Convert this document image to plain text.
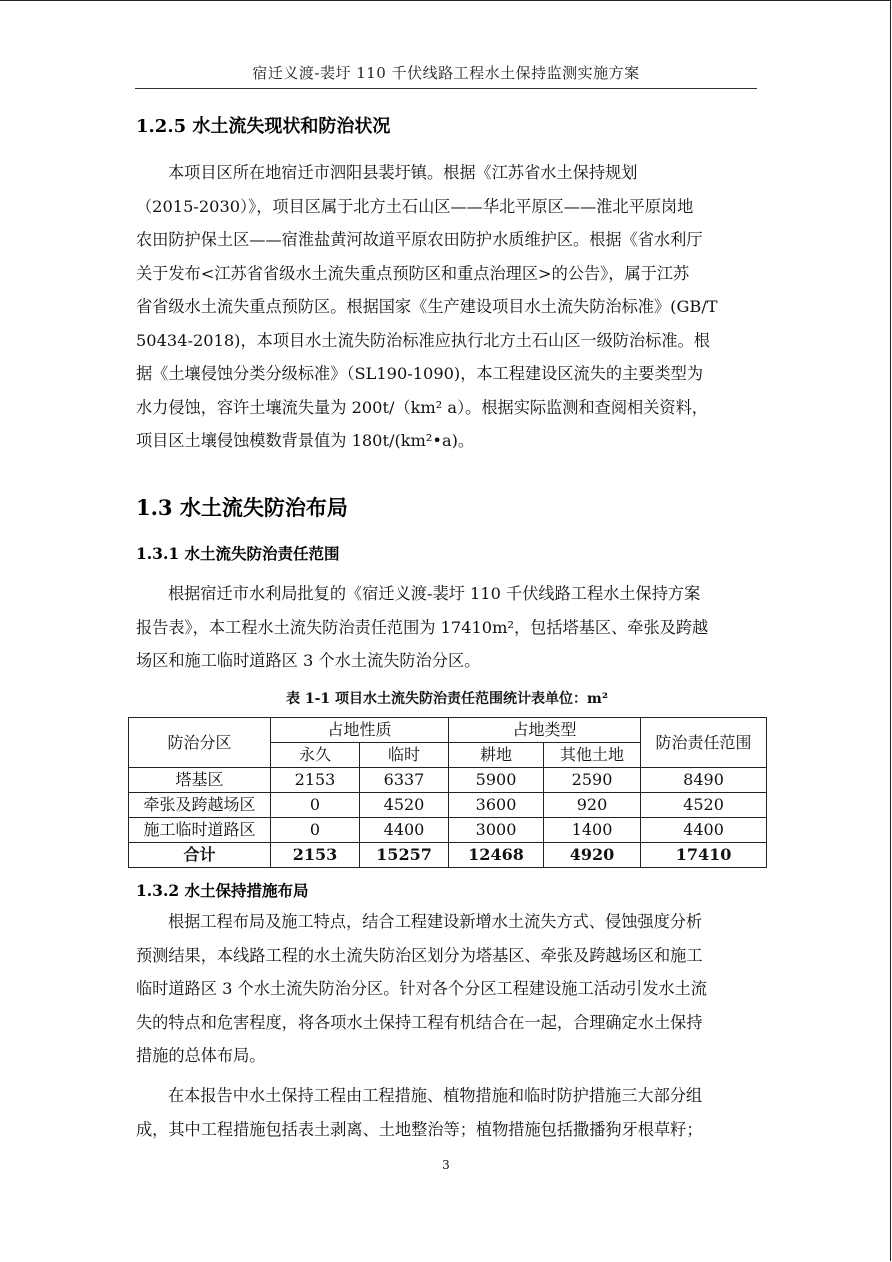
宿迁义渡-裴圩 110 千伏线路工程水土保持监测实施方案
1.2.5 水土流失现状和防治状况
本项目区所在地宿迁市泗阳县裴圩镇。根据《江苏省水土保持规划
（2015-2030）》，项目区属于北方土石山区——华北平原区——淮北平原岗地
农田防护保土区——宿淮盐黄河故道平原农田防护水质维护区。根据《省水利厅
关于发布<江苏省省级水土流失重点预防区和重点治理区>的公告》，属于江苏
省省级水土流失重点预防区。根据国家《生产建设项目水土流失防治标准》(GB/T
50434-2018)，本项目水土流失防治标准应执行北方土石山区一级防治标准。根
据《土壤侵蚀分类分级标准》（SL190-1090)，本工程建设区流失的主要类型为
水力侵蚀，容许土壤流失量为 200t/（km² a）。根据实际监测和查阅相关资料，
项目区土壤侵蚀模数背景值为 180t/(km²•a)。
1.3 水土流失防治布局
1.3.1 水土流失防治责任范围
根据宿迁市水利局批复的《宿迁义渡-裴圩 110 千伏线路工程水土保持方案
报告表》，本工程水土流失防治责任范围为 17410m²，包括塔基区、牵张及跨越
场区和施工临时道路区 3 个水土流失防治分区。
表 1-1 项目水土流失防治责任范围统计表单位：m²
防治分区	占地性质		占地类型		防治责任范围
	永久	临时	耕地	其他土地	
塔基区	2153	6337	5900	2590	8490
牵张及跨越场区	0	4520	3600	920	4520
施工临时道路区	0	4400	3000	1400	4400
合计	2153	15257	12468	4920	17410
1.3.2 水土保持措施布局
根据工程布局及施工特点，结合工程建设新增水土流失方式、侵蚀强度分析
预测结果，本线路工程的水土流失防治区划分为塔基区、牵张及跨越场区和施工
临时道路区 3 个水土流失防治分区。针对各个分区工程建设施工活动引发水土流
失的特点和危害程度，将各项水土保持工程有机结合在一起，合理确定水土保持
措施的总体布局。
在本报告中水土保持工程由工程措施、植物措施和临时防护措施三大部分组
成，其中工程措施包括表土剥离、土地整治等；植物措施包括撒播狗牙根草籽；
3
